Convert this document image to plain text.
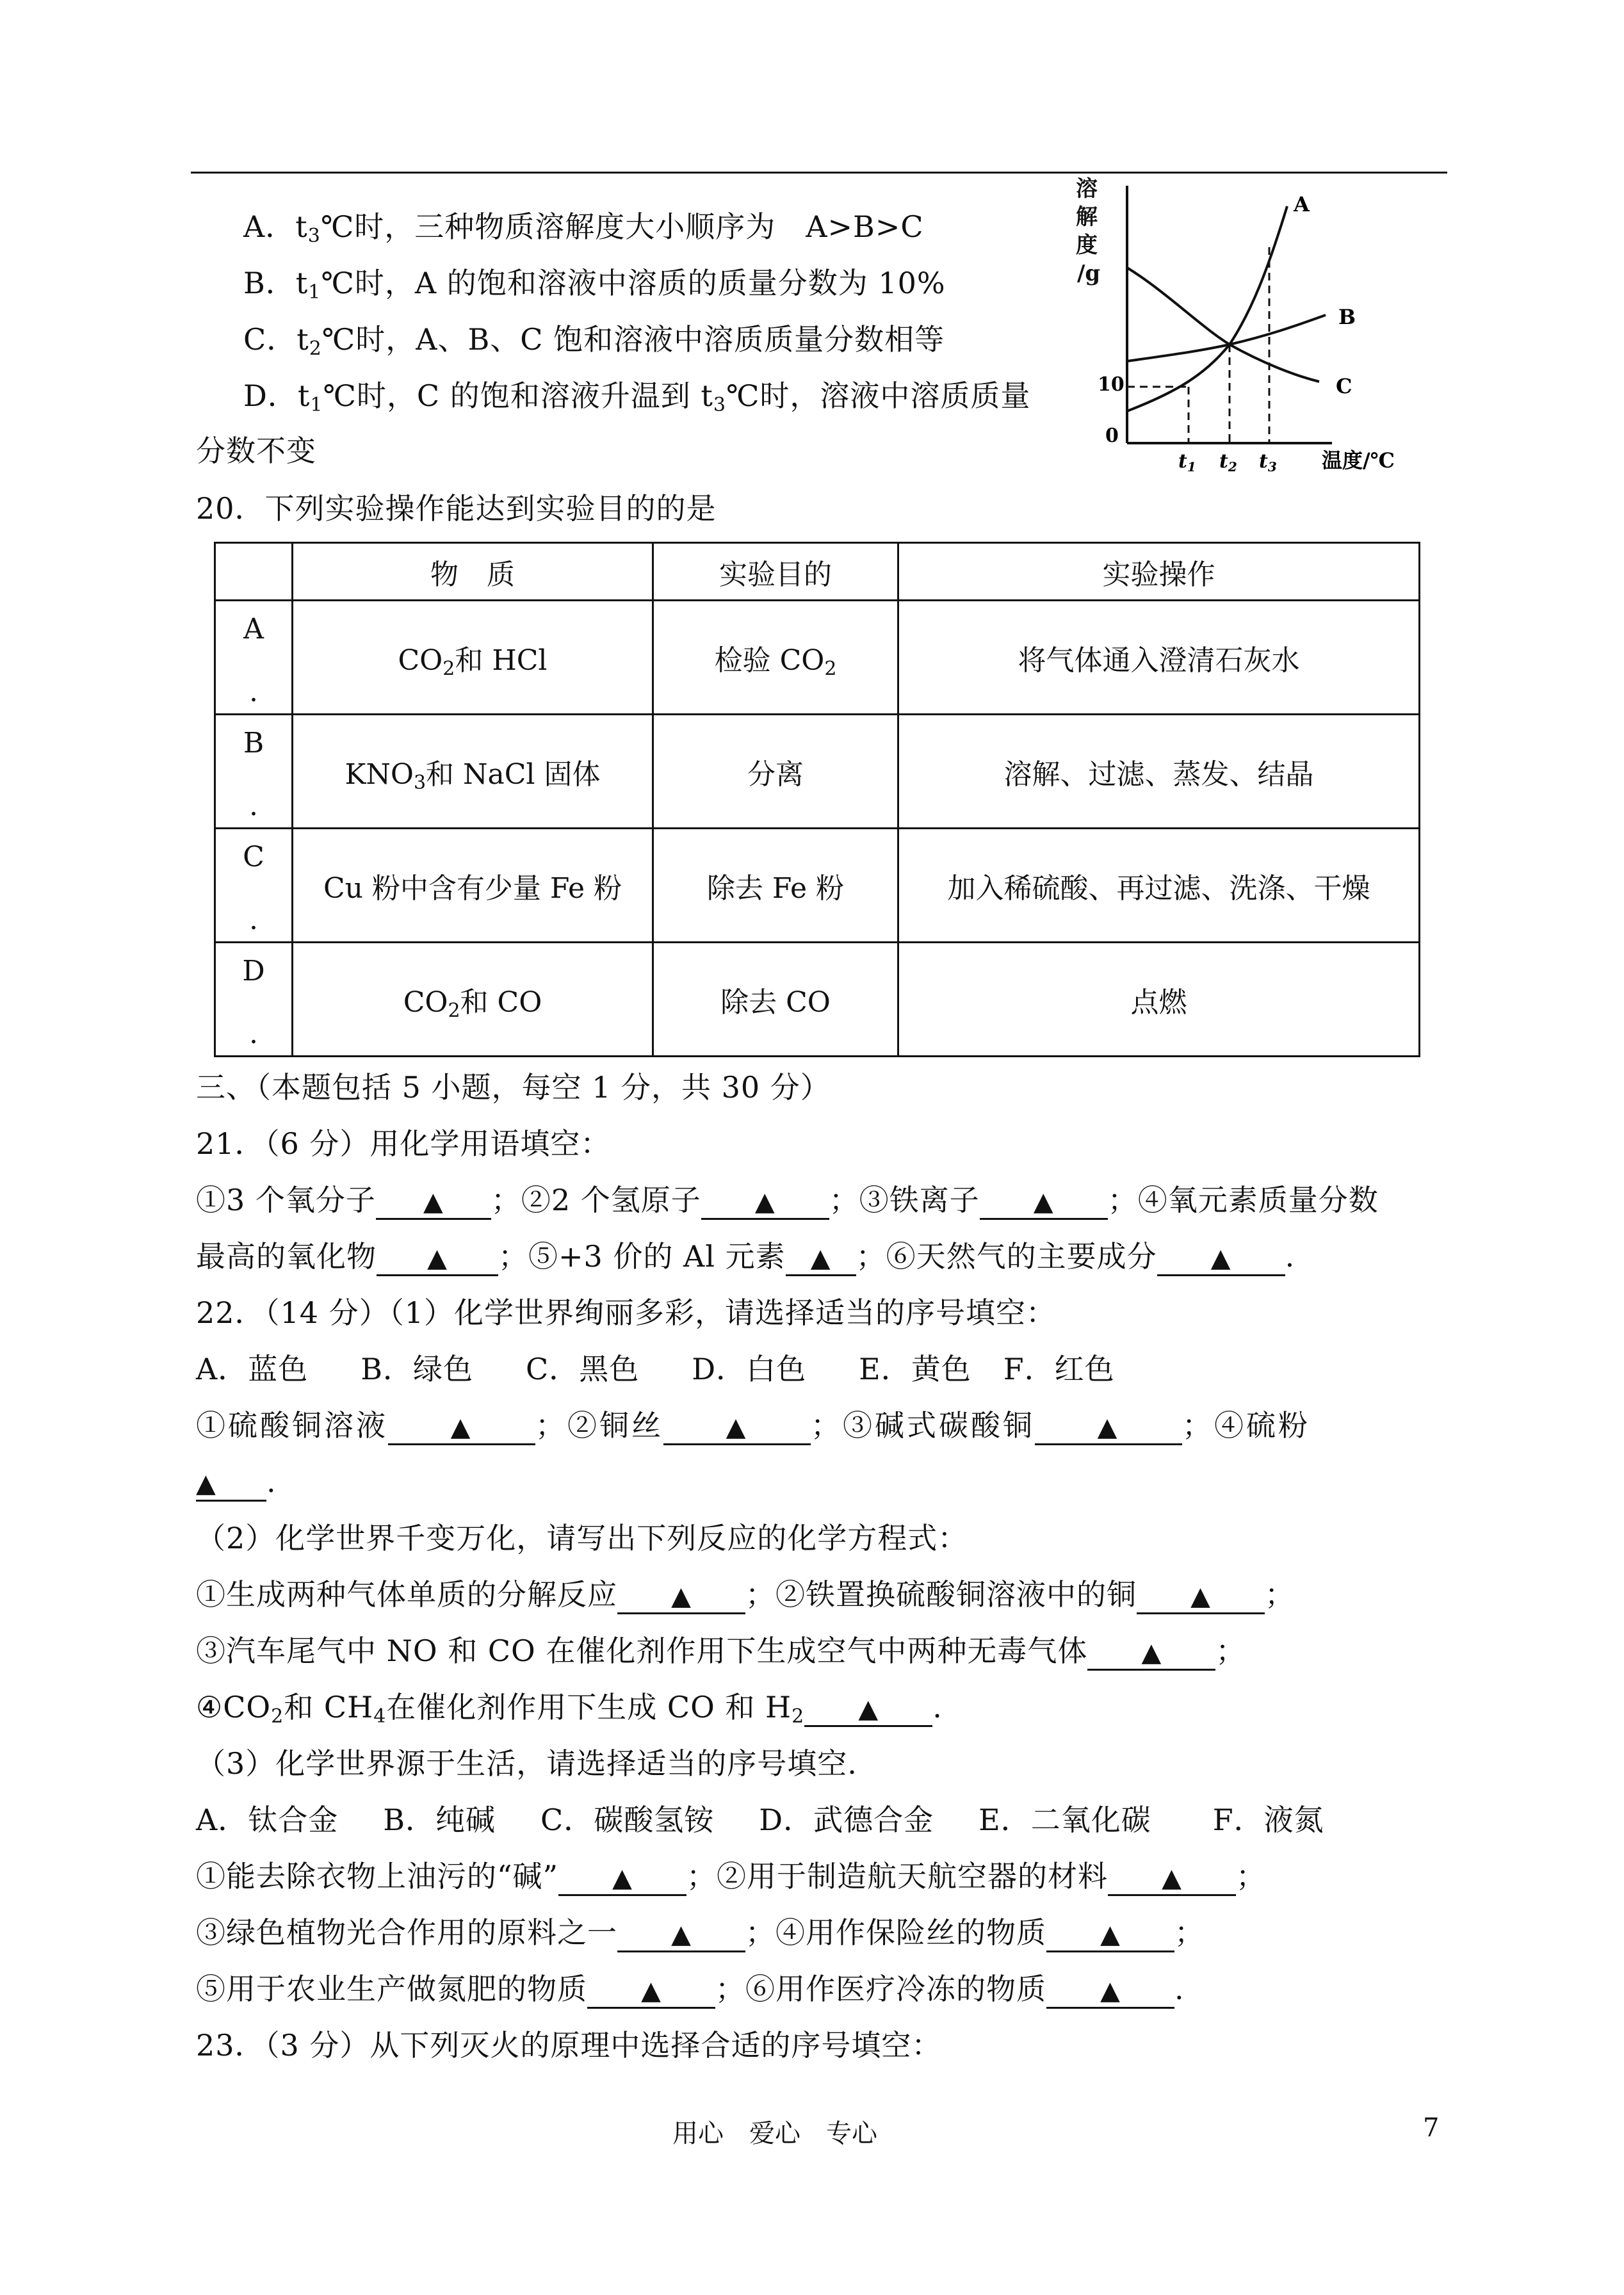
A．$t_3℃$时，三种物质溶解度大小顺序为　A>B>C
B．$t_1℃$时，A 的饱和溶液中溶质的质量分数为 10%
C．$t_2℃$时，A、B、C 饱和溶液中溶质质量分数相等
D．$t_1℃$时，C 的饱和溶液升温到 $t_3℃$时，溶液中溶质质量
分数不变
溶
解
度
/g
0
10
A
B
C
$t_1$ $t_2$ $t_3$ 温度/℃
20．下列实验操作能达到实验目的的是
	物　质	实验目的	实验操作

A
.	$CO_2$和 HCl	检验 $CO_2$	将气体通入澄清石灰水

B
.	$KNO_3$和 NaCl 固体	分离	溶解、过滤、蒸发、结晶

C
.	Cu 粉中含有少量 Fe 粉	除去 Fe 粉	加入稀硫酸、再过滤、洗涤、干燥

D
.	$CO_2$和 CO	除去 CO	点燃
三、（本题包括 5 小题，每空 1 分，共 30 分）
21．（6 分）用化学用语填空：
①3 个氧分子 ▲ ；②2 个氢原子 ▲ ；③铁离子 ▲ ；④氧元素质量分数
最高的氧化物 ▲ ；⑤+3 价的 Al 元素 ▲ ；⑥天然气的主要成分 ▲ .
22．（14 分）（1）化学世界绚丽多彩，请选择适当的序号填空：
A．蓝色 B．绿色 C．黑色 D．白色 E．黄色 F．红色
①硫酸铜溶液 ▲ ；②铜丝 ▲ ；③碱式碳酸铜 ▲ ；④硫粉
▲ .
（2）化学世界千变万化，请写出下列反应的化学方程式：
①生成两种气体单质的分解反应 ▲ ；②铁置换硫酸铜溶液中的铜 ▲ ；
③汽车尾气中 NO 和 CO 在催化剂作用下生成空气中两种无毒气体 ▲ ；
$④CO_2$和 $CH_4$在催化剂作用下生成 CO 和 $H_2$ ▲ .
（3）化学世界源于生活，请选择适当的序号填空.
A．钛合金 B．纯碱 C．碳酸氢铵 D．武德合金 E．二氧化碳 F．液氮
①能去除衣物上油污的“碱” ▲ ；②用于制造航天航空器的材料 ▲ ；
③绿色植物光合作用的原料之一 ▲ ；④用作保险丝的物质 ▲ ；
⑤用于农业生产做氮肥的物质 ▲ ；⑥用作医疗冷冻的物质 ▲ .
23．（3 分）从下列灭火的原理中选择合适的序号填空：
用心　爱心　专心	7
